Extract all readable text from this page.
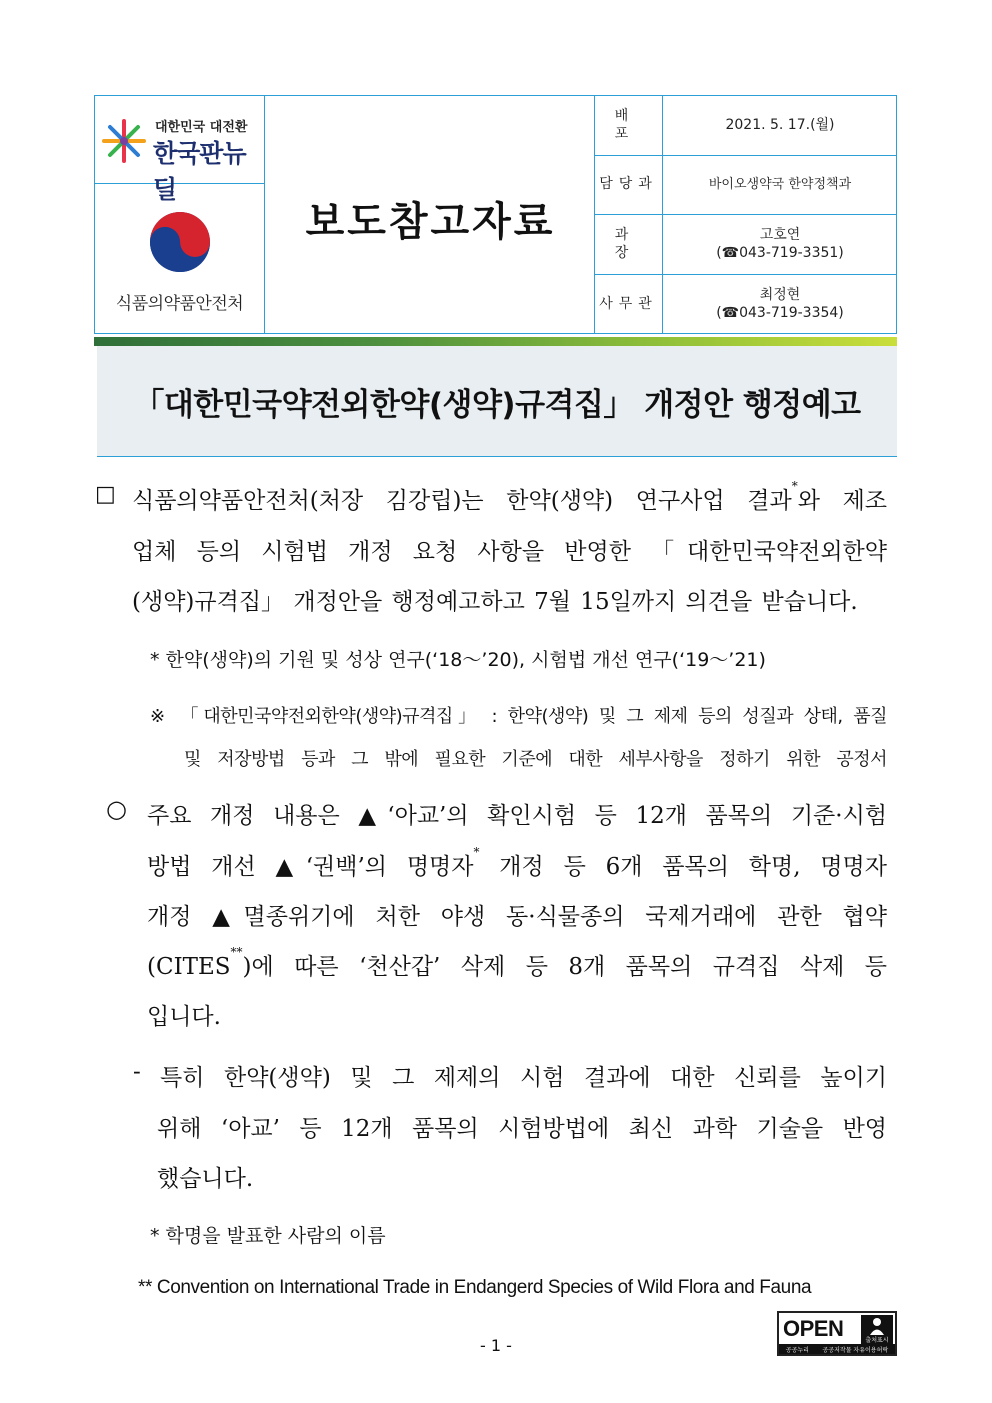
대한민국 대전환
한국판뉴딜
식품의약품안전처
보도참고자료
배 포
2021. 5. 17.(월)
담당과	바이오생약국 한약정책과
과 장
고호연
(☎043-719-3351)
사무관
최정현
(☎043-719-3354)
「대한민국약전외한약(생약)규격집」 개정안 행정예고
□ 식품의약품안전처(처장 김강립)는 한약(생약) 연구사업 결과*와 제조
업체 등의 시험법 개정 요청 사항을 반영한 「대한민국약전외한약
(생약)규격집」 개정안을 행정예고하고 7월 15일까지 의견을 받습니다.
* 한약(생약)의 기원 및 성상 연구(‘18～’20), 시험법 개선 연구(‘19～’21)
※ 「대한민국약전외한약(생약)규격집」 : 한약(생약) 및 그 제제 등의 성질과 상태, 품질
및 저장방법 등과 그 밖에 필요한 기준에 대한 세부사항을 정하기 위한 공정서
○ 주요 개정 내용은 ▲‘아교’의 확인시험 등 12개 품목의 기준·시험
방법 개선 ▲‘권백’의 명명자* 개정 등 6개 품목의 학명, 명명자
개정 ▲멸종위기에 처한 야생 동·식물종의 국제거래에 관한 협약
(CITES**)에 따른 ‘천산갑’ 삭제 등 8개 품목의 규격집 삭제 등
입니다.
- 특히 한약(생약) 및 그 제제의 시험 결과에 대한 신뢰를 높이기
위해 ‘아교’ 등 12개 품목의 시험방법에 최신 과학 기술을 반영
했습니다.
* 학명을 발표한 사람의 이름
** Convention on International Trade in Endangerd Species of Wild Flora and Fauna
- 1 -
OPEN	출처표시
공공누리 공공저작물 자유이용허락
